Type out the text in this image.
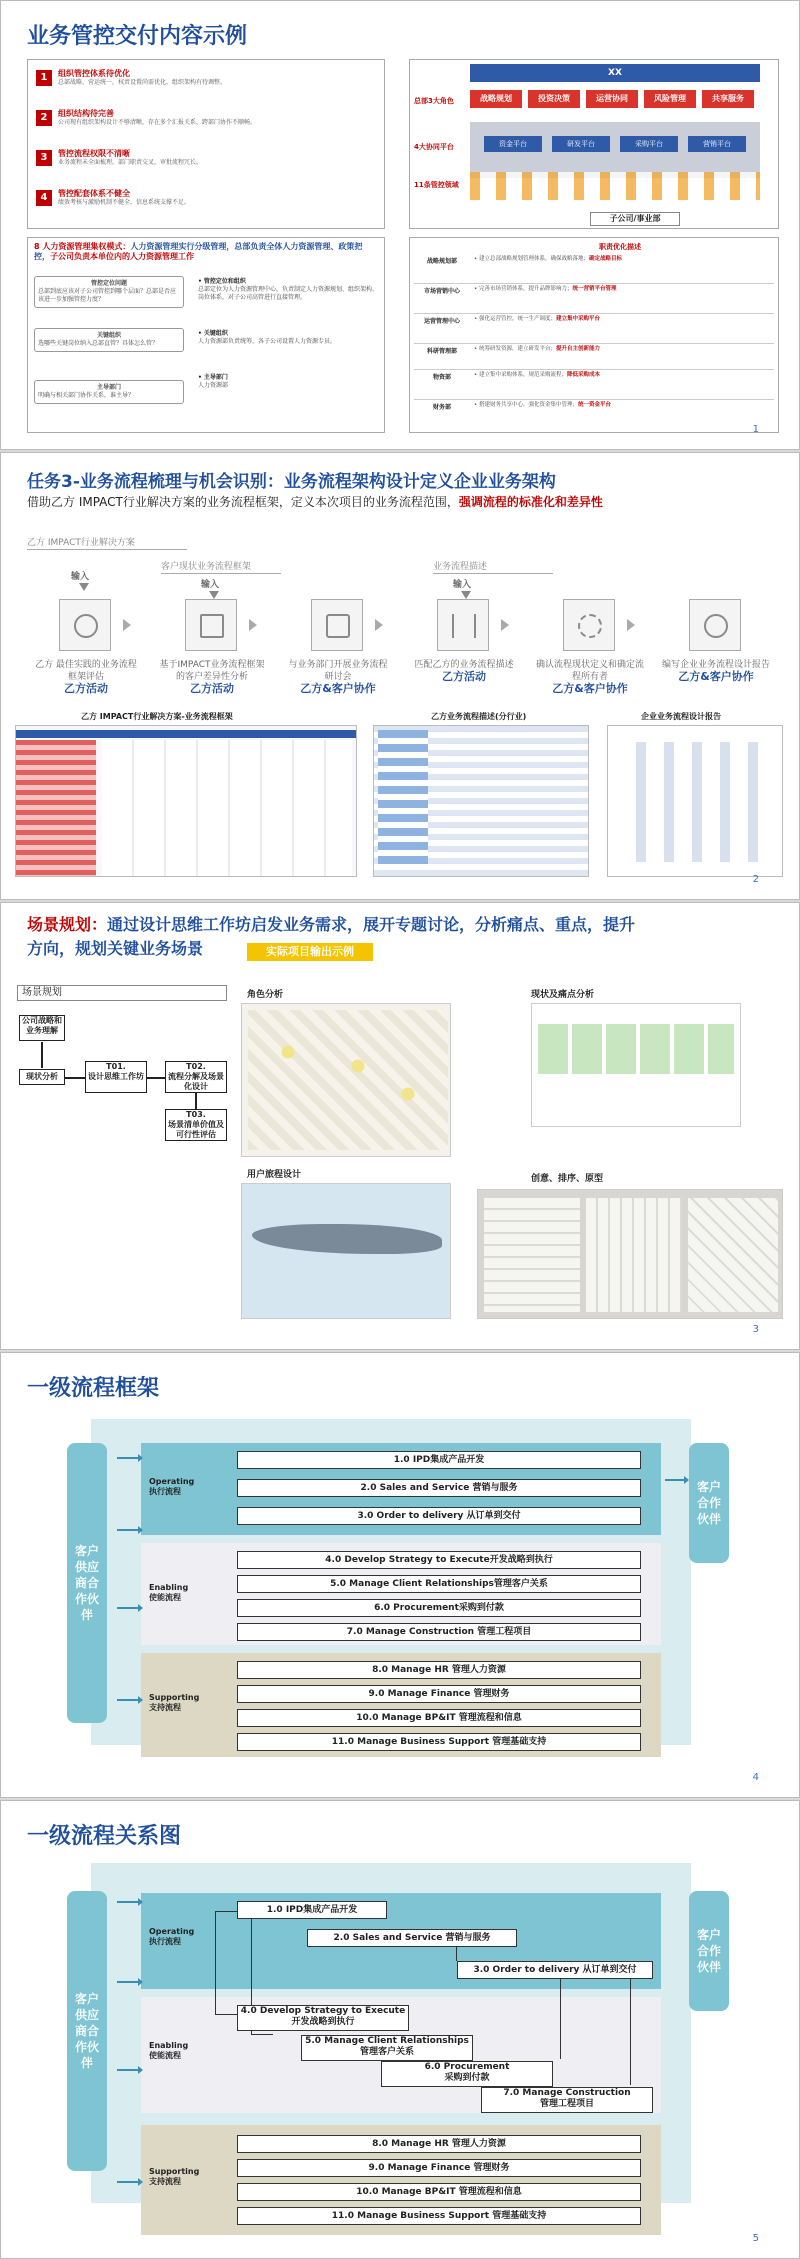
业务管控交付内容示例
1	组织管控体系待优化
总部战略、营运统一，权责设置尚需优化，组织架构有待调整。
2	组织结构待完善
公司现有组织架构设计不够清晰，存在多个汇报关系，跨部门协作不顺畅。
3	管控流程权限不清晰
业务流程未全面梳理，部门职责交叉，审批流程冗长。
4	管控配套体系不健全
绩效考核与激励机制不健全，信息系统支撑不足。
XX
总部3大角色
4大协同平台
11条管控领域
战略规划	投资决策	运营协同	风险管理	共享服务
资金平台	研发平台	采购平台	营销平台
子公司/事业部
8 人力资源管理集权模式：人力资源管理实行分级管理，总部负责全体人力资源管理、政策把控，子公司负责本单位内的人力资源管理工作
管控定位问题
总部到底应该对子公司管控到哪个层面？总部是否应该进一步加强管控力度？
关键组织
选哪些关键岗位纳入总部直管？具体怎么管？
主导部门
明确与相关部门协作关系，谁主导？
• 管控定位和组织
总部定位为人力资源管理中心，负责制定人力资源规划、组织架构、岗位体系，对子公司高管进行直接管理。
• 关键组织
人力资源部负责统筹，各子公司设置人力资源专员。
• 主导部门
人力资源部
职责优化描述
战略规划部	• 建立总部战略规划管理体系，确保战略落地；确定战略目标
市场营销中心	• 完善市场营销体系，提升品牌影响力；统一营销平台管理
运营管理中心	• 强化运营管控，统一生产调度；建立集中采购平台
科研管理部	• 统筹研发资源，建立研发平台；提升自主创新能力
物资部	• 建立集中采购体系，规范采购流程；降低采购成本
财务部	• 搭建财务共享中心，强化资金集中管理；统一资金平台
1
任务3-业务流程梳理与机会识别：业务流程架构设计定义企业业务架构
借助乙方 IMPACT行业解决方案的业务流程框架，定义本次项目的业务流程范围，强调流程的标准化和差异性
乙方 IMPACT行业解决方案
客户现状业务流程框架	业务流程描述
输入
输入	输入
乙方 最佳实践的业务流程框架评估
乙方活动
基于IMPACT业务流程框架的客户差异性分析
乙方活动
与业务部门开展业务流程 研讨会
乙方&客户协作
匹配乙方的业务流程描述
乙方活动
确认流程现状定义和确定流程所有者
乙方&客户协作
编写企业业务流程设计报告
乙方&客户协作
乙方 IMPACT行业解决方案-业务流程框架	乙方业务流程描述(分行业)	企业业务流程设计报告
2
场景规划：通过设计思维工作坊启发业务需求，展开专题讨论，分析痛点、重点，提升方向，规划关键业务场景	实际项目输出示例
场景规划
公司战略和业务理解
现状分析
T01.
设计思维工作坊
T02.
流程分解及场景化设计
T03.
场景清单价值及可行性评估
角色分析	现状及痛点分析
用户旅程设计	创意、排序、原型
3
一级流程框架
客户
供应
商合
作伙
伴
客户
合作
伙伴
Operating
执行流程
Enabling
使能流程
Supporting
支持流程
1.0 IPD集成产品开发
2.0 Sales and Service 营销与服务
3.0 Order to delivery 从订单到交付
4.0 Develop Strategy to Execute开发战略到执行
5.0 Manage Client Relationships管理客户关系
6.0 Procurement采购到付款
7.0 Manage Construction 管理工程项目
8.0 Manage HR 管理人力资源
9.0 Manage Finance 管理财务
10.0 Manage BP&IT 管理流程和信息
11.0 Manage Business Support 管理基础支持
4
一级流程关系图
客户
供应
商合
作伙
伴
客户
合作
伙伴
Operating
执行流程
Enabling
使能流程
Supporting
支持流程
1.0 IPD集成产品开发
2.0 Sales and Service 营销与服务
3.0 Order to delivery 从订单到交付
4.0 Develop Strategy to Execute
开发战略到执行
5.0 Manage Client Relationships
管理客户关系
6.0 Procurement
采购到付款
7.0 Manage Construction
管理工程项目
8.0 Manage HR 管理人力资源
9.0 Manage Finance 管理财务
10.0 Manage BP&IT 管理流程和信息
11.0 Manage Business Support 管理基础支持
5
